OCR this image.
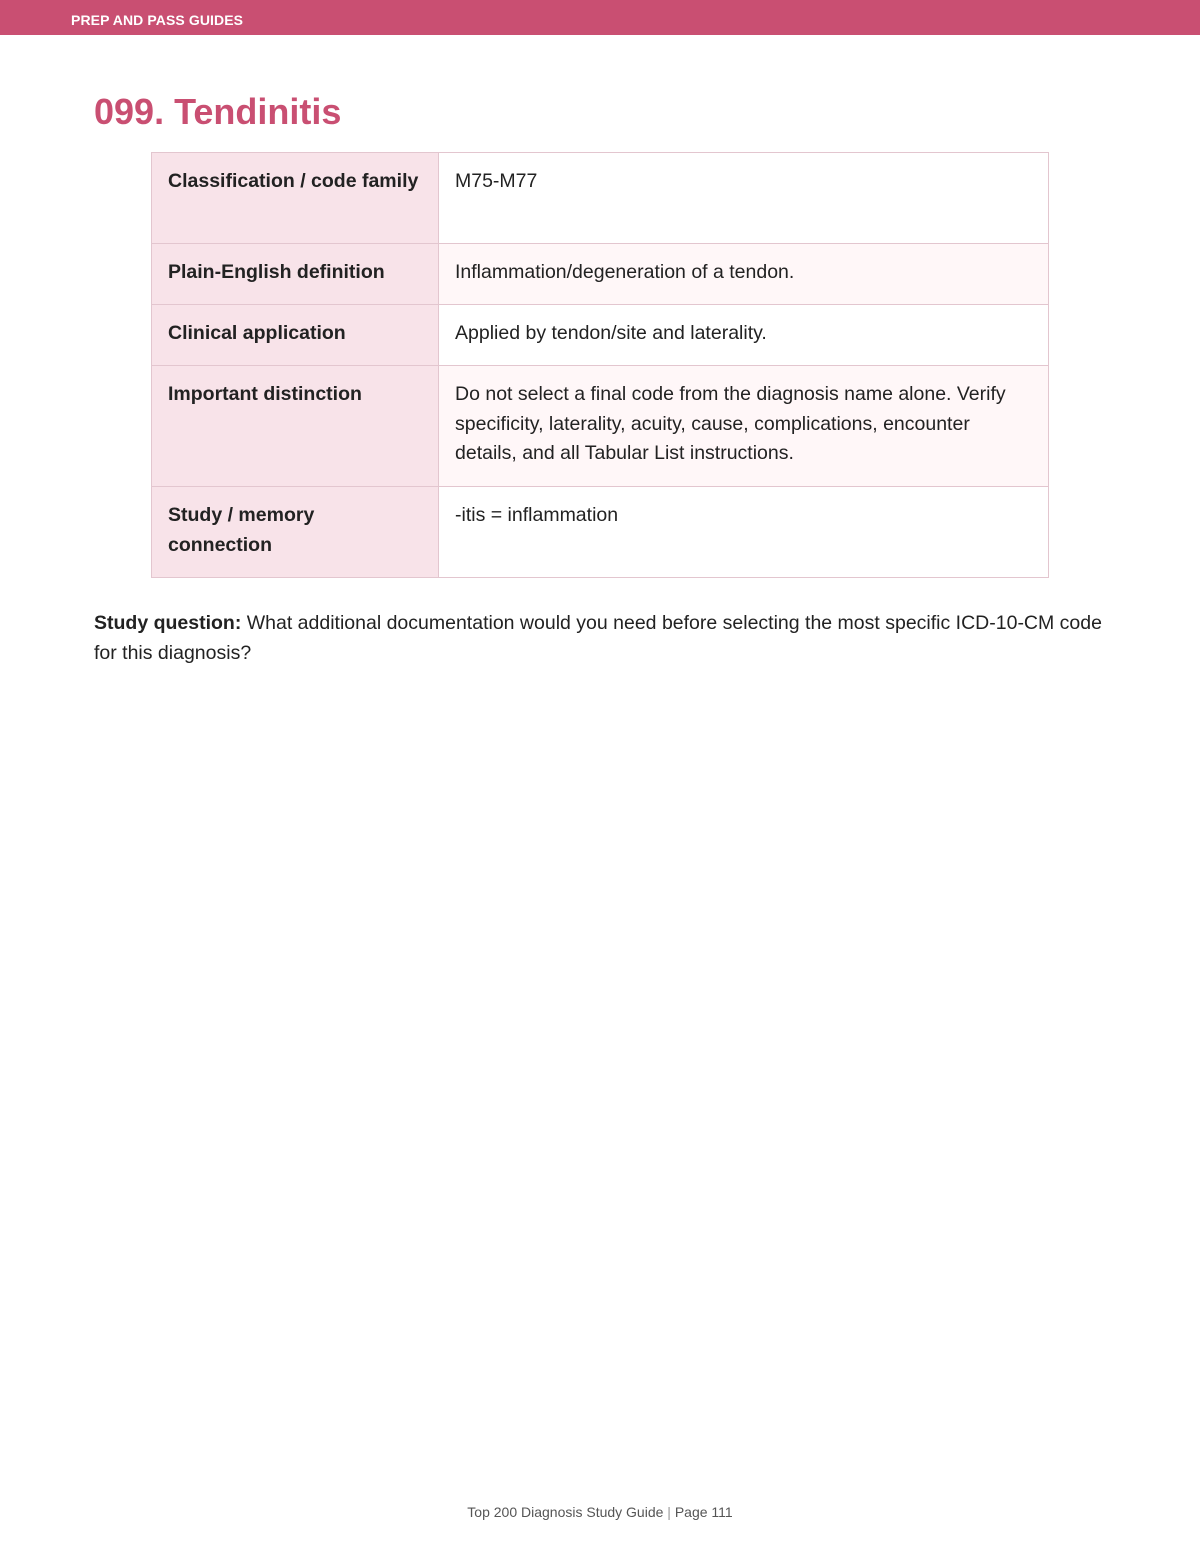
PREP AND PASS GUIDES
099. Tendinitis
Classification / code family	M75-M77
Plain-English definition	Inflammation/degeneration of a tendon.
Clinical application	Applied by tendon/site and laterality.
Important distinction	Do not select a final code from the diagnosis name alone. Verify specificity, laterality, acuity, cause, complications, encounter details, and all Tabular List instructions.
Study / memory connection	-itis = inflammation

Study question: What additional documentation would you need before selecting the most specific ICD-10-CM code for this diagnosis?

Top 200 Diagnosis Study Guide | Page 111
